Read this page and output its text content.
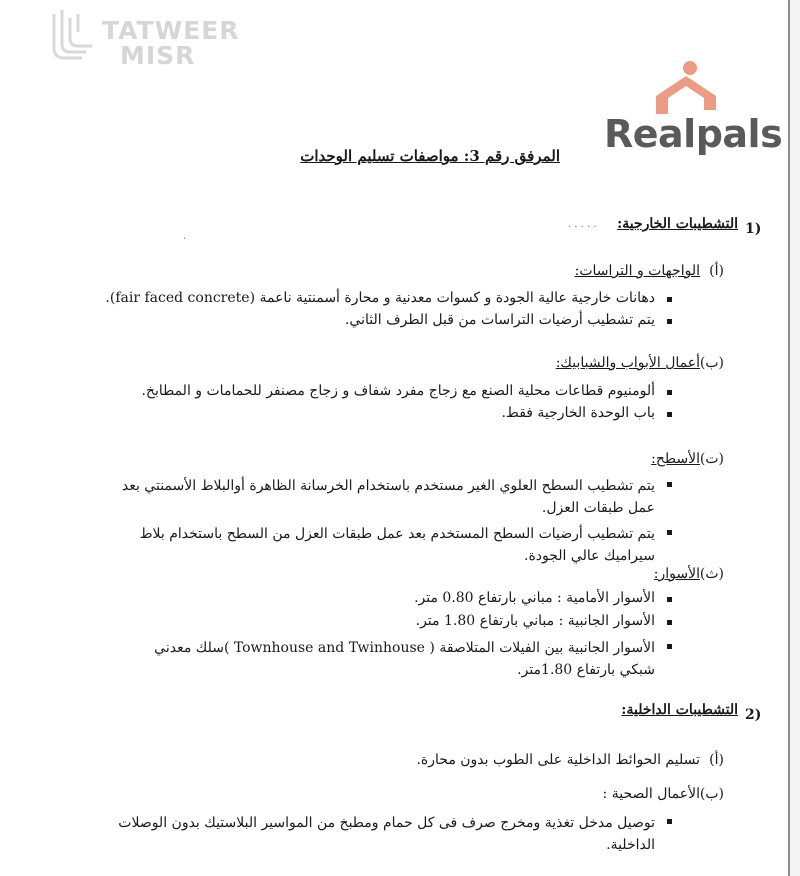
TATWEER
MISR
Realpals
المرفق رقم 3: مواصفات تسليم الوحدات
· · · · ·
·
1)
التشطيبات الخارجية:
(أ)
الواجهات و التراسات:
دهانات خارجية عالية الجودة و كسوات معدنية و محارة أسمنتية ناعمة (fair faced concrete).
يتم تشطيب أرضيات التراسات من قبل الطرف الثاني.
(ب)
أعمال الأبواب والشبابيك:
ألومنيوم قطاعات محلية الصنع مع زجاج مفرد شفاف و زجاج مصنفر للحمامات و المطابخ.
باب الوحدة الخارجية فقط.
(ت)
الأسطح:
يتم تشطيب السطح العلوي الغير مستخدم باستخدام الخرسانة الظاهرة أوالبلاط الأسمنتي بعد عمل طبقات العزل.
يتم تشطيب أرضيات السطح المستخدم بعد عمل طبقات العزل من السطح باستخدام بلاط سيراميك عالي الجودة.
(ث)
الأسوار:
الأسوار الأمامية : مباني بارتفاع 0.80 متر.
الأسوار الجانبية : مباني بارتفاع 1.80 متر.
الأسوار الجانبية بين الفيلات المتلاصقة ( Townhouse and Twinhouse )سلك معدني شبكي بارتفاع 1.80متر.
2)
التشطيبات الداخلية:
(أ)
تسليم الحوائط الداخلية على الطوب بدون محارة.
(ب)
الأعمال الصحية :
توصيل مدخل تغذية ومخرج صرف فى كل حمام ومطبخ من المواسير البلاستيك بدون الوصلات الداخلية.
